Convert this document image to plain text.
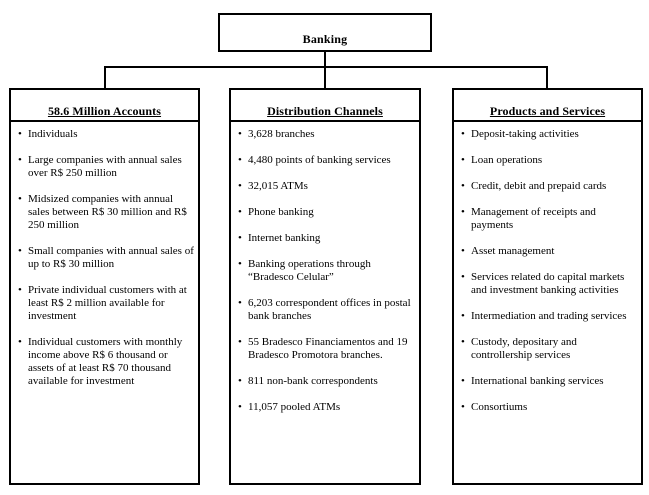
Banking
58.6 Million Accounts
• Individuals
• Large companies with annual sales over R$ 250 million
• Midsized companies with annual sales between R$ 30 million and R$ 250 million
• Small companies with annual sales of up to R$ 30 million
• Private individual customers with at least R$ 2 million available for investment
• Individual customers with monthly income above R$ 6 thousand or assets of at least R$ 70 thousand available for investment
Distribution Channels
• 3,628 branches
• 4,480 points of banking services
• 32,015 ATMs
• Phone banking
• Internet banking
• Banking operations through “Bradesco Celular”
• 6,203 correspondent offices in postal bank branches
• 55 Bradesco Financiamentos and 19 Bradesco Promotora branches.
• 811 non-bank correspondents
• 11,057 pooled ATMs
Products and Services
• Deposit-taking activities
• Loan operations
• Credit, debit and prepaid cards
• Management of receipts and payments
• Asset management
• Services related do capital markets and investment banking activities
• Intermediation and trading services
• Custody, depositary and controllership services
• International banking services
• Consortiums
